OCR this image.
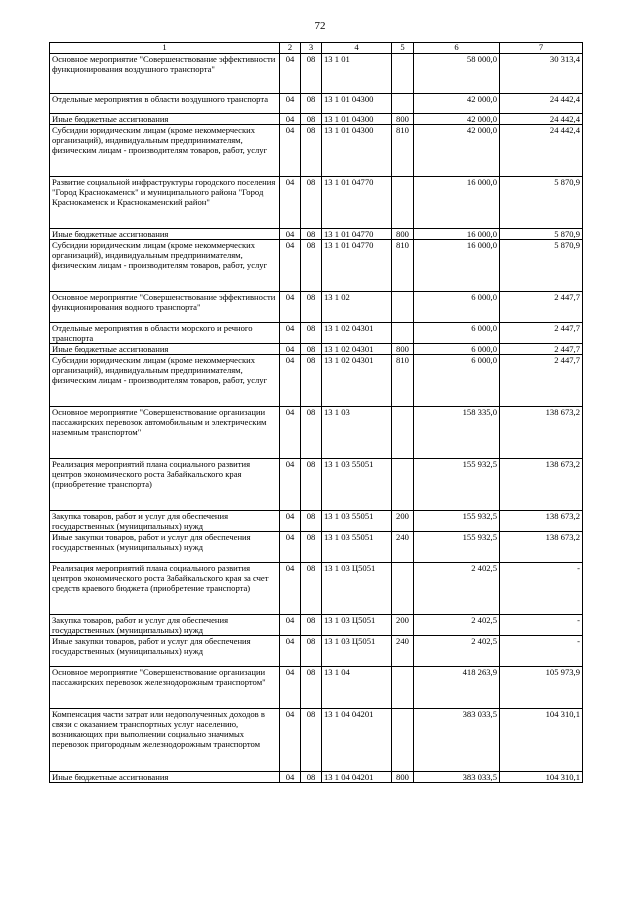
72
1	2	3	4	5	6	7
Основное мероприятие "Совершенствование эффективности функционирования воздушного транспорта"	04	08	13 1 01		58 000,0	30 313,4
Отдельные мероприятия в области воздушного транспорта	04	08	13 1 01 04300		42 000,0	24 442,4
Иные бюджетные ассигнования	04	08	13 1 01 04300	800	42 000,0	24 442,4
Субсидии юридическим лицам (кроме некоммерческих организаций), индивидуальным предпринимателям, физическим лицам - производителям товаров, работ, услуг	04	08	13 1 01 04300	810	42 000,0	24 442,4
Развитие социальной инфраструктуры городского поселения "Город Краснокаменск" и муниципального района "Город Краснокаменск и Краснокаменский район"	04	08	13 1 01 04770		16 000,0	5 870,9
Иные бюджетные ассигнования	04	08	13 1 01 04770	800	16 000,0	5 870,9
Субсидии юридическим лицам (кроме некоммерческих организаций), индивидуальным предпринимателям, физическим лицам - производителям товаров, работ, услуг	04	08	13 1 01 04770	810	16 000,0	5 870,9
Основное мероприятие "Совершенствование эффективности функционирования водного транспорта"	04	08	13 1 02		6 000,0	2 447,7
Отдельные мероприятия в области морского и речного транспорта	04	08	13 1 02 04301		6 000,0	2 447,7
Иные бюджетные ассигнования	04	08	13 1 02 04301	800	6 000,0	2 447,7
Субсидии юридическим лицам (кроме некоммерческих организаций), индивидуальным предпринимателям, физическим лицам - производителям товаров, работ, услуг	04	08	13 1 02 04301	810	6 000,0	2 447,7
Основное мероприятие "Совершенствование организации пассажирских перевозок автомобильным и электрическим наземным транспортом"	04	08	13 1 03		158 335,0	138 673,2
Реализация мероприятий плана социального развития центров экономического роста Забайкальского края (приобретение транспорта)	04	08	13 1 03 55051		155 932,5	138 673,2
Закупка товаров, работ и услуг для обеспечения государственных (муниципальных) нужд	04	08	13 1 03 55051	200	155 932,5	138 673,2
Иные закупки товаров, работ и услуг для обеспечения государственных (муниципальных) нужд	04	08	13 1 03 55051	240	155 932,5	138 673,2
Реализация мероприятий плана социального развития центров экономического роста Забайкальского края за счет средств краевого бюджета (приобретение транспорта)	04	08	13 1 03 Ц5051		2 402,5	-
Закупка товаров, работ и услуг для обеспечения государственных (муниципальных) нужд	04	08	13 1 03 Ц5051	200	2 402,5	-
Иные закупки товаров, работ и услуг для обеспечения государственных (муниципальных) нужд	04	08	13 1 03 Ц5051	240	2 402,5	-
Основное мероприятие "Совершенствование организации пассажирских перевозок железнодорожным транспортом"	04	08	13 1 04		418 263,9	105 973,9
Компенсация части затрат или недополученных доходов в связи с оказанием транспортных услуг населению, возникающих при выполнении социально значимых перевозок пригородным железнодорожным транспортом	04	08	13 1 04 04201		383 033,5	104 310,1
Иные бюджетные ассигнования	04	08	13 1 04 04201	800	383 033,5	104 310,1
